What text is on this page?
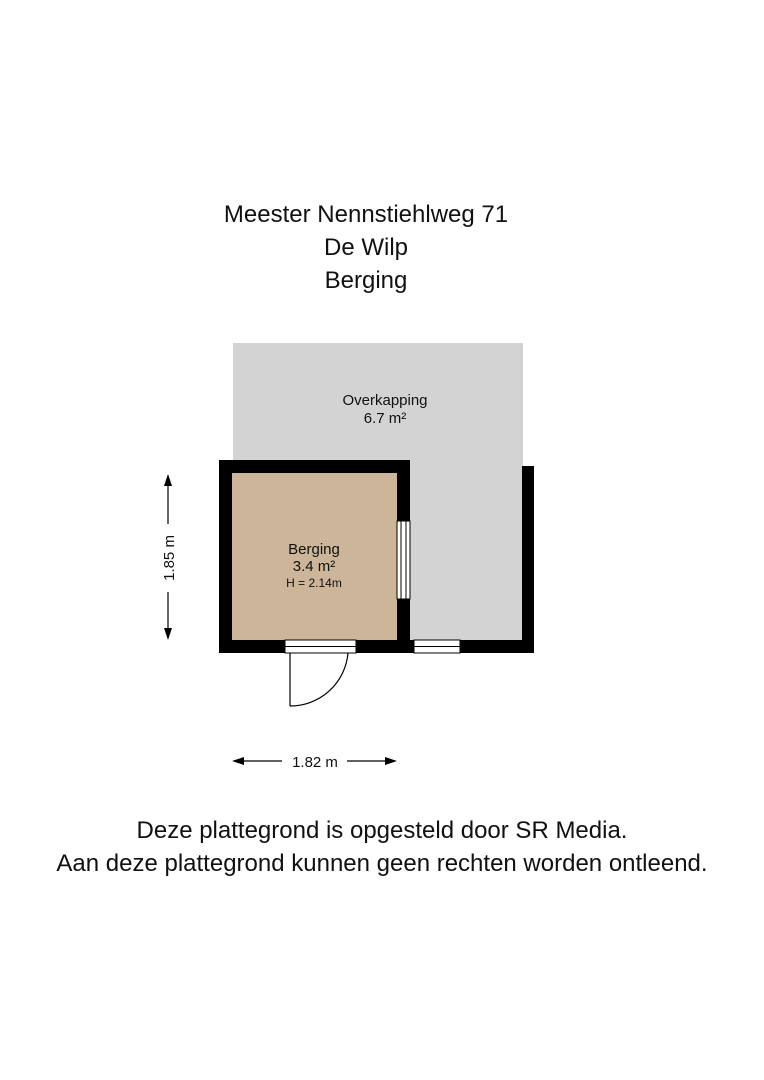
Meester Nennstiehlweg 71
De Wilp
Berging
Overkapping
6.7 m²
Berging
3.4 m²
H = 2.14m
1.85 m
1.82 m
Deze plattegrond is opgesteld door SR Media.
Aan deze plattegrond kunnen geen rechten worden ontleend.
